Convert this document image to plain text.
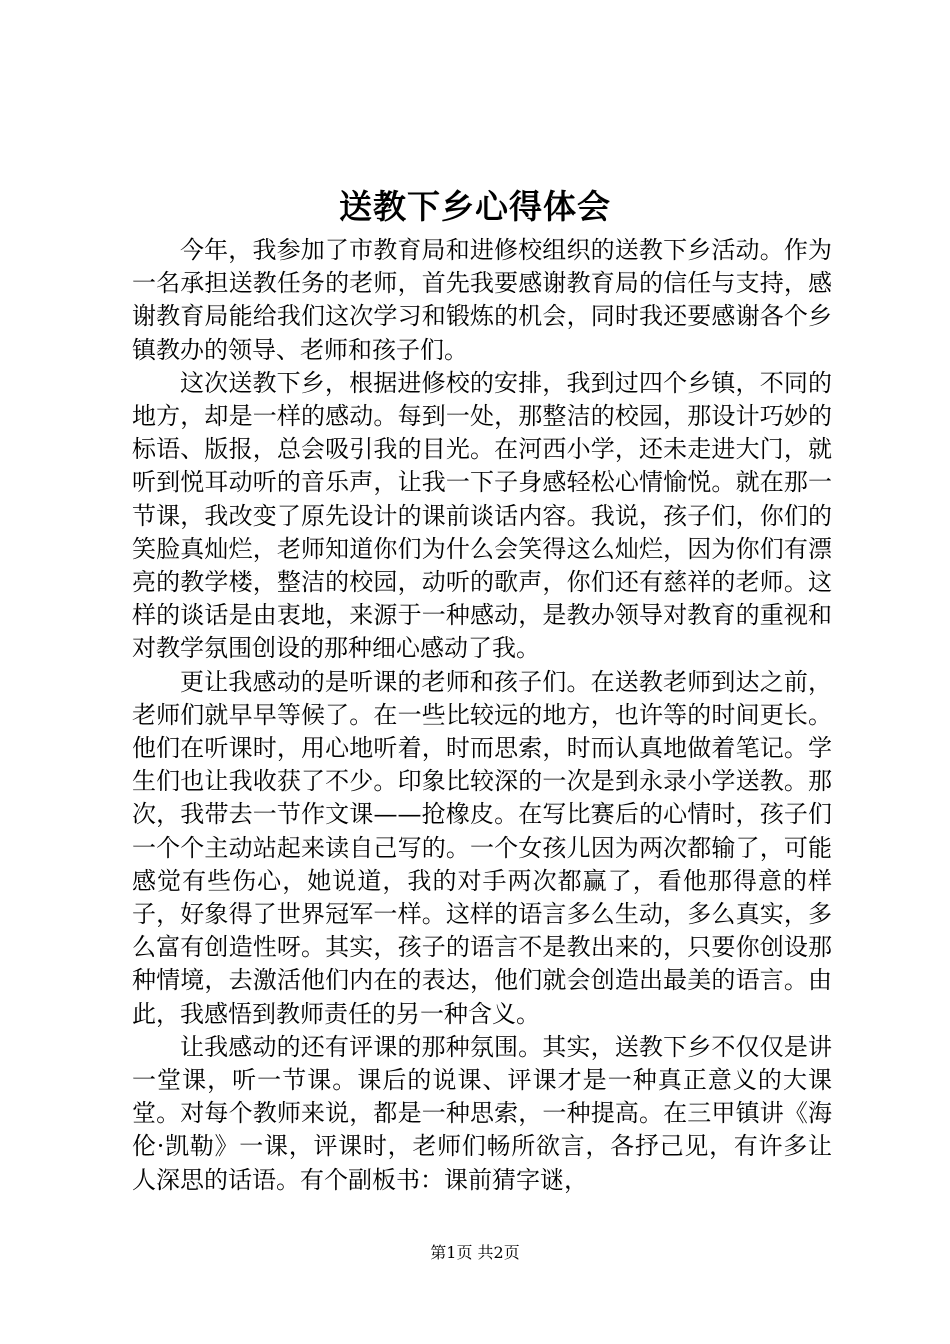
送教下乡心得体会

今年，我参加了市教育局和进修校组织的送教下乡活动。作为一名承担送教任务的老师，首先我要感谢教育局的信任与支持，感谢教育局能给我们这次学习和锻炼的机会，同时我还要感谢各个乡镇教办的领导、老师和孩子们。

这次送教下乡，根据进修校的安排，我到过四个乡镇，不同的地方，却是一样的感动。每到一处，那整洁的校园，那设计巧妙的标语、版报，总会吸引我的目光。在河西小学，还未走进大门，就听到悦耳动听的音乐声，让我一下子身感轻松心情愉悦。就在那一节课，我改变了原先设计的课前谈话内容。我说，孩子们，你们的笑脸真灿烂，老师知道你们为什么会笑得这么灿烂，因为你们有漂亮的教学楼，整洁的校园，动听的歌声，你们还有慈祥的老师。这样的谈话是由衷地，来源于一种感动，是教办领导对教育的重视和对教学氛围创设的那种细心感动了我。

更让我感动的是听课的老师和孩子们。在送教老师到达之前，老师们就早早等候了。在一些比较远的地方，也许等的时间更长。他们在听课时，用心地听着，时而思索，时而认真地做着笔记。学生们也让我收获了不少。印象比较深的一次是到永录小学送教。那次，我带去一节作文课——抢橡皮。在写比赛后的心情时，孩子们一个个主动站起来读自己写的。一个女孩儿因为两次都输了，可能感觉有些伤心，她说道，我的对手两次都赢了，看他那得意的样子，好象得了世界冠军一样。这样的语言多么生动，多么真实，多么富有创造性呀。其实，孩子的语言不是教出来的，只要你创设那种情境，去激活他们内在的表达，他们就会创造出最美的语言。由此，我感悟到教师责任的另一种含义。

让我感动的还有评课的那种氛围。其实，送教下乡不仅仅是讲一堂课，听一节课。课后的说课、评课才是一种真正意义的大课堂。对每个教师来说，都是一种思索，一种提高。在三甲镇讲《海伦·凯勒》一课，评课时，老师们畅所欲言，各抒己见，有许多让人深思的话语。有个副板书：课前猜字谜，

第1页 共2页
